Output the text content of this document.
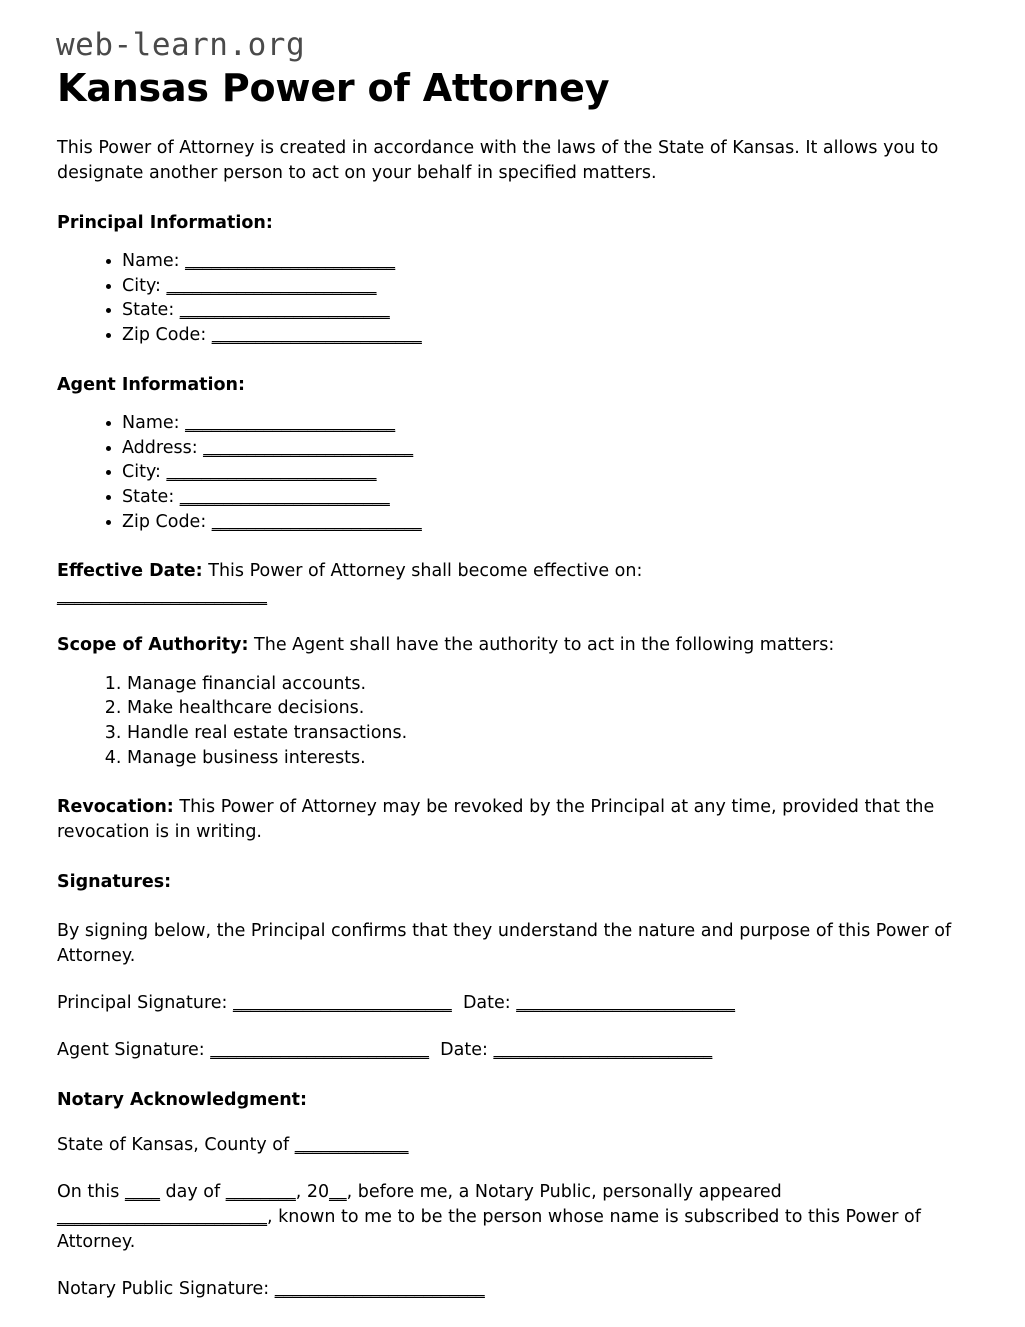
web-learn.org
Kansas Power of Attorney

This Power of Attorney is created in accordance with the laws of the State of Kansas. It allows you to designate another person to act on your behalf in specified matters.

Principal Information:
• Name: ________________________
• City: ________________________
• State: ________________________
• Zip Code: ________________________
Agent Information:
• Name: ________________________
• Address: ________________________
• City: ________________________
• State: ________________________
• Zip Code: ________________________

Effective Date: This Power of Attorney shall become effective on:
________________________

Scope of Authority: The Agent shall have the authority to act in the following matters:

1. Manage financial accounts.
2. Make healthcare decisions.
3. Handle real estate transactions.
4. Manage business interests.

Revocation: This Power of Attorney may be revoked by the Principal at any time, provided that the revocation is in writing.

Signatures:

By signing below, the Principal confirms that they understand the nature and purpose of this Power of Attorney.

Principal Signature: _________________________ Date: _________________________

Agent Signature: _________________________ Date: _________________________

Notary Acknowledgment:

State of Kansas, County of _____________

On this ____ day of ________, 20__, before me, a Notary Public, personally appeared ________________________, known to me to be the person whose name is subscribed to this Power of Attorney.

Notary Public Signature: ________________________
